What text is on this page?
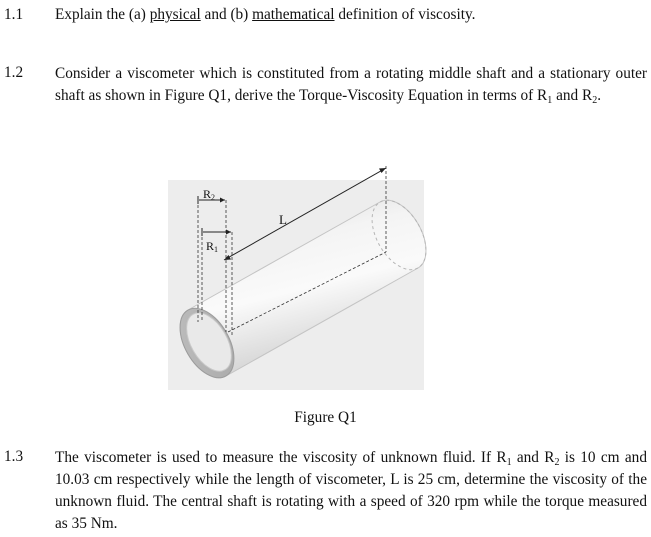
1.1 Explain the (a) physical and (b) mathematical definition of viscosity.
1.2 Consider a viscometer which is constituted from a rotating middle shaft and a stationary outer shaft as shown in Figure Q1, derive the Torque-Viscosity Equation in terms of $R_1$ and $R_2$.
R2
R1
L
Figure Q1
1.3 The viscometer is used to measure the viscosity of unknown fluid. If $R_1$ and $R_2$ is 10 cm and 10.03 cm respectively while the length of viscometer, L is 25 cm, determine the viscosity of the unknown fluid. The central shaft is rotating with a speed of 320 rpm while the torque measured as 35 Nm.
